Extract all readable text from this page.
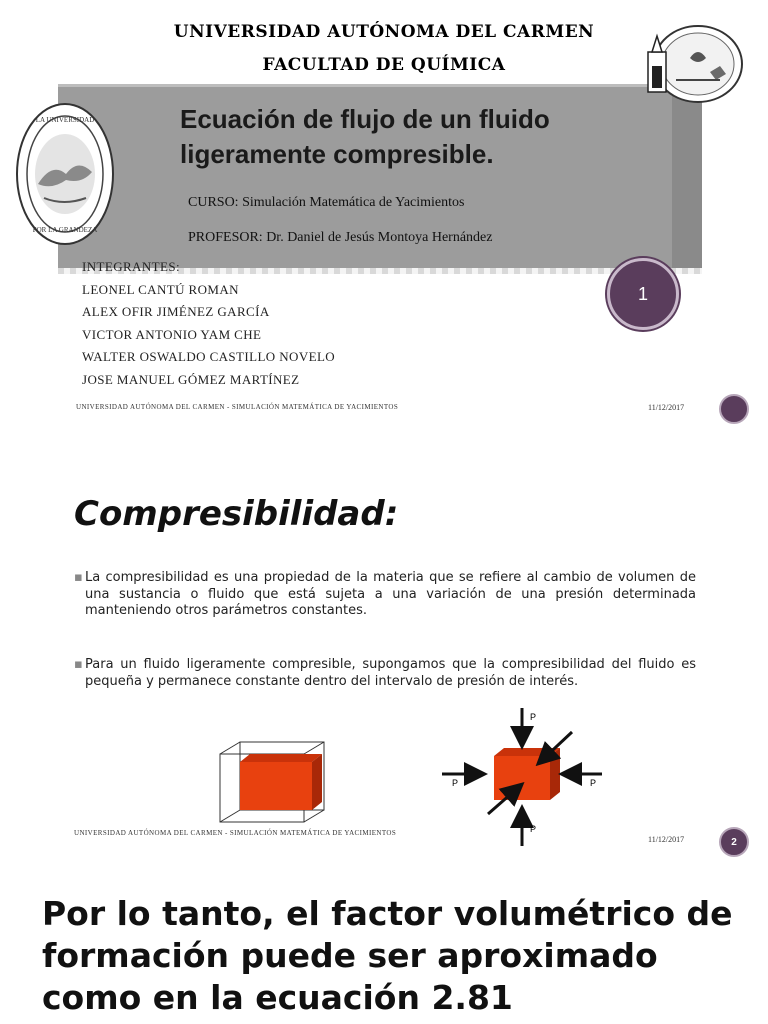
UNIVERSIDAD AUTÓNOMA DEL CARMEN
FACULTAD DE QUÍMICA
LA UNIVERSIDAD
POR LA GRANDEZA
Ecuación de flujo de un fluido ligeramente compresible.
CURSO: Simulación Matemática de Yacimientos
PROFESOR: Dr. Daniel de Jesús Montoya Hernández
INTEGRANTES:
LEONEL CANTÚ ROMAN
ALEX OFIR JIMÉNEZ GARCÍA
VICTOR ANTONIO YAM CHE
WALTER OSWALDO CASTILLO NOVELO
JOSE MANUEL GÓMEZ MARTÍNEZ
1
UNIVERSIDAD AUTÓNOMA DEL CARMEN - SIMULACIÓN MATEMÁTICA DE YACIMIENTOS	11/12/2017
Compresibilidad:
▪ La compresibilidad es una propiedad de la materia que se refiere al cambio de volumen de una sustancia o fluido que está sujeta a una variación de una presión determinada manteniendo otros parámetros constantes.
▪ Para un fluido ligeramente compresible, supongamos que la compresibilidad del fluido es pequeña y permanece constante dentro del intervalo de presión de interés.
P
P
P	P
UNIVERSIDAD AUTÓNOMA DEL CARMEN - SIMULACIÓN MATEMÁTICA DE YACIMIENTOS
11/12/2017	2
Por lo tanto, el factor volumétrico de formación puede ser aproximado como en la ecuación 2.81
